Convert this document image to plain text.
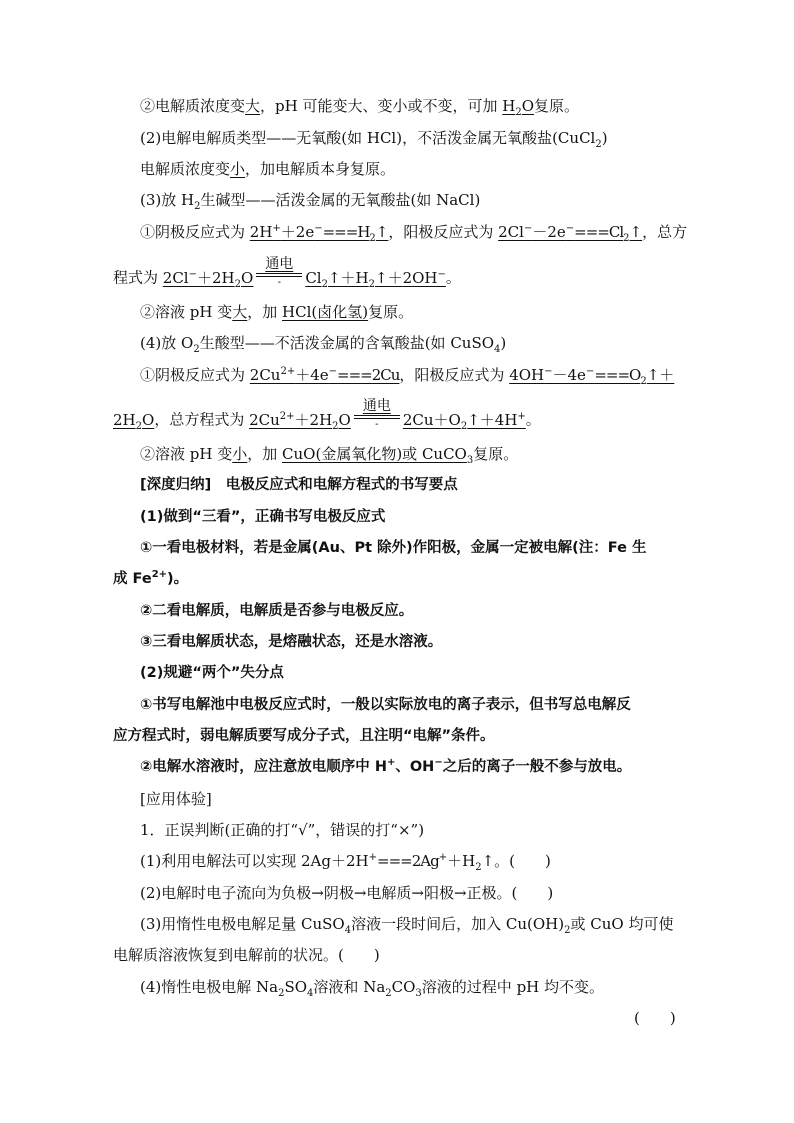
②电解质浓度变大，pH 可能变大、变小或不变，可加 $H_2O$复原。
(2)电解电解质类型——无氧酸(如 HCl)，不活泼金属无氧酸盐(CuCl$_2$)
电解质浓度变小，加电解质本身复原。
(3)放 $H_2$生碱型——活泼金属的无氧酸盐(如 NaCl)
①阴极反应式为 $2H^++2e^-===H_2↑$，阳极反应式为 $2Cl^--2e^-===Cl_2↑$，总方
程式为 $2Cl^-+2H_2O$
通电
-	$Cl_2↑+H_2↑+2OH^-$。
②溶液 pH 变大，加 HCl(卤化氢)复原。
(4)放 $O_2$生酸型——不活泼金属的含氧酸盐(如 CuSO$_4$)
①阴极反应式为 $2Cu^{2+}+4e^-===2Cu$，阳极反应式为 $4OH^--4e^-===O_2↑+$
$2H_2O$，总方程式为 $2Cu^{2+}+2H_2O$
通电
-	$2Cu+O_2↑+4H^+$。
②溶液 pH 变小，加 CuO(金属氧化物)或 CuCO$_3$复原。
[深度归纳]　电极反应式和电解方程式的书写要点
(1)做到“三看”，正确书写电极反应式
①一看电极材料，若是金属(Au、Pt 除外)作阳极，金属一定被电解(注：Fe 生
成 $Fe^{2+}$)。
②二看电解质，电解质是否参与电极反应。
③三看电解质状态，是熔融状态，还是水溶液。
(2)规避“两个”失分点
①书写电解池中电极反应式时，一般以实际放电的离子表示，但书写总电解反
应方程式时，弱电解质要写成分子式，且注明“电解”条件。
②电解水溶液时，应注意放电顺序中 H+、OH−之后的离子一般不参与放电。
[应用体验]
1．正误判断(正确的打“√”，错误的打“×”)
(1)利用电解法可以实现 $2Ag+2H^+===2Ag^++H_2↑$。(　　)
(2)电解时电子流向为负极→阴极→电解质→阳极→正极。(　　)
(3)用惰性电极电解足量 CuSO$_4$溶液一段时间后，加入 $Cu(OH)_2$或 CuO 均可使
电解质溶液恢复到电解前的状况。(　　)
(4)惰性电极电解 $Na_2SO_4$溶液和 $Na_2CO_3$溶液的过程中 pH 均不变。
(　　)
